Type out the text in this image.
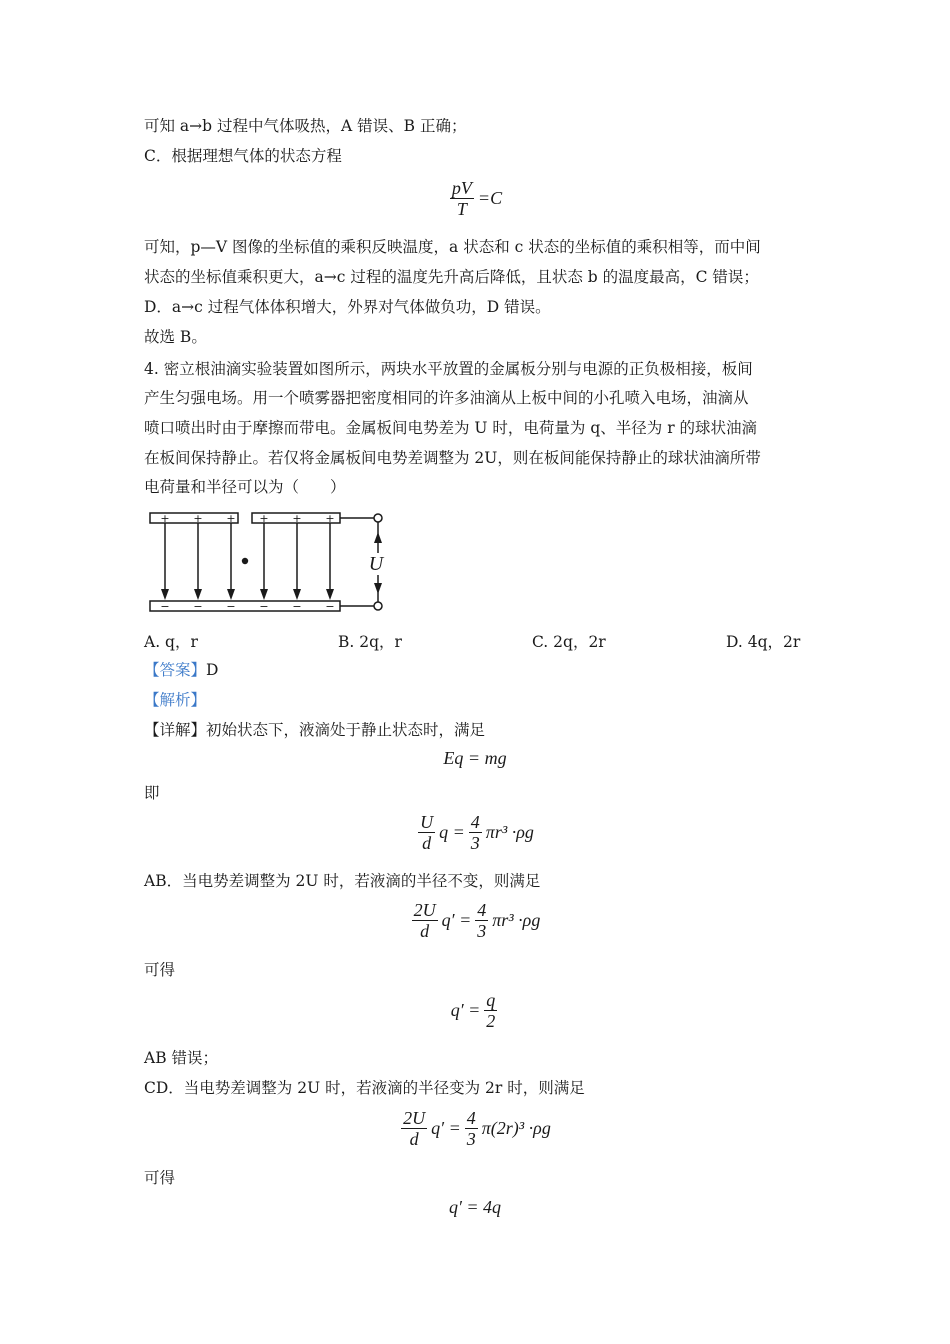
可知 a→b 过程中气体吸热，A 错误、B 正确；
C．根据理想气体的状态方程
$\frac{pV}{T} =C$
可知，p—V 图像的坐标值的乘积反映温度，a 状态和 c 状态的坐标值的乘积相等，而中间
状态的坐标值乘积更大，a→c 过程的温度先升高后降低，且状态 b 的温度最高，C 错误；
D．a→c 过程气体体积增大，外界对气体做负功，D 错误。
故选 B。
4. 密立根油滴实验装置如图所示，两块水平放置的金属板分别与电源的正负极相接，板间
产生匀强电场。用一个喷雾器把密度相同的许多油滴从上板中间的小孔喷入电场，油滴从
喷口喷出时由于摩擦而带电。金属板间电势差为 U 时，电荷量为 q、半径为 r 的球状油滴
在板间保持静止。若仅将金属板间电势差调整为 2U，则在板间能保持静止的球状油滴所带
电荷量和半径可以为（　　）
+ + + + + +
− − − − − −
U
A. q，r	B. 2q，r	C. 2q，2r	D. 4q，2r
【答案】D
【解析】
【详解】初始状态下，液滴处于静止状态时，满足
Eq = mg
即
$\frac{U}{d}$ $q = \frac{4}{3} \pi r^3 \cdot\rho g$
AB．当电势差调整为 2U 时，若液滴的半径不变，则满足
$\frac{2U}{d} q' = \frac{4}{3} \pi r^3 \cdot\rho g$
可得
$q' = \frac{q}{2}$
AB 错误；
CD．当电势差调整为 2U 时，若液滴的半径变为 2r 时，则满足
$\frac{2U}{d} q' = \frac{4}{3} \pi(2r)^3 \cdot\rho g$
可得
q′ = 4q
